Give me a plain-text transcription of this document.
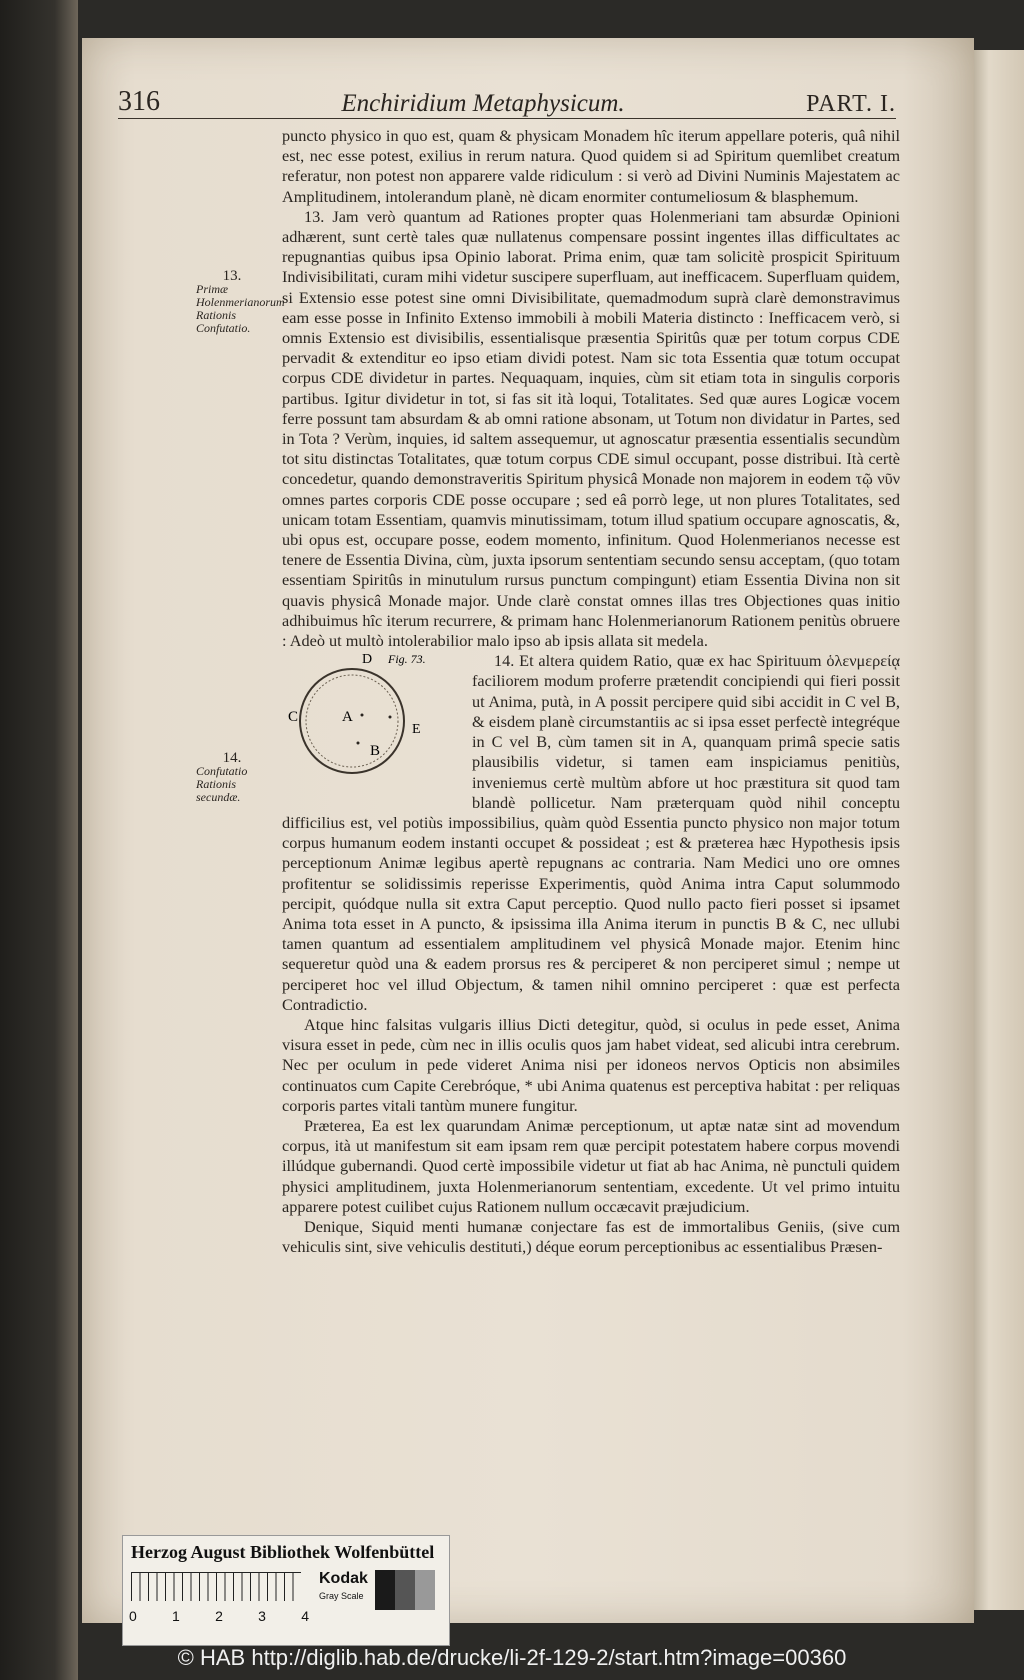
316	Enchiridium Metaphysicum.	PART. I.
13.
Primæ Holenmerianorum Rationis Confutatio.
14.
Confutatio Rationis secundæ.

puncto physico in quo est, quam & physicam Monadem hîc iterum appellare poteris, quâ nihil est, nec esse potest, exilius in rerum natura. Quod quidem si ad Spiritum quemlibet creatum referatur, non potest non apparere valde ridiculum : si verò ad Divini Numinis Majestatem ac Amplitudinem, intolerandum planè, nè dicam enormiter contumeliosum & blasphemum.

13. Jam verò quantum ad Rationes propter quas Holenmeriani tam absurdæ Opinioni adhærent, sunt certè tales quæ nullatenus compensare possint ingentes illas difficultates ac repugnantias quibus ipsa Opinio laborat. Prima enim, quæ tam solicitè prospicit Spirituum Indivisibilitati, curam mihi videtur suscipere superfluam, aut inefficacem. Superfluam quidem, si Extensio esse potest sine omni Divisibilitate, quemadmodum suprà clarè demonstravimus eam esse posse in Infinito Extenso immobili à mobili Materia distincto : Inefficacem verò, si omnis Extensio est divisibilis, essentialisque præsentia Spiritûs quæ per totum corpus CDE pervadit & extenditur eo ipso etiam dividi potest. Nam sic tota Essentia quæ totum occupat corpus CDE dividetur in partes. Nequaquam, inquies, cùm sit etiam tota in singulis corporis partibus. Igitur dividetur in tot, si fas sit ità loqui, Totalitates. Sed quæ aures Logicæ vocem ferre possunt tam absurdam & ab omni ratione absonam, ut Totum non dividatur in Partes, sed in Tota ? Verùm, inquies, id saltem assequemur, ut agnoscatur præsentia essentialis secundùm tot situ distinctas Totalitates, quæ totum corpus CDE simul occupant, posse distribui. Ità certè concedetur, quando demonstraveritis Spiritum physicâ Monade non majorem in eodem τῷ νῦν omnes partes corporis CDE posse occupare ; sed eâ porrò lege, ut non plures Totalitates, sed unicam totam Essentiam, quamvis minutissimam, totum illud spatium occupare agnoscatis, &, ubi opus est, occupare posse, eodem momento, infinitum. Quod Holenmerianos necesse est tenere de Essentia Divina, cùm, juxta ipsorum sententiam secundo sensu acceptam, (quo totam essentiam Spiritûs in minutulum rursus punctum compingunt) etiam Essentia Divina non sit quavis physicâ Monade major. Unde clarè constat omnes illas tres Objectiones quas initio adhibuimus hîc iterum recurrere, & primam hanc Holenmerianorum Rationem penitùs obruere : Adeò ut multò intolerabilior malo ipso ab ipsis allata sit medela.

D
A
B
C
E
Fig. 73.	14. Et altera quidem Ratio, quæ ex hac Spirituum ὁλενμερείᾳ faciliorem modum proferre prætendit concipiendi qui fieri possit ut Anima, putà, in A possit percipere quid sibi accidit in C vel B, & eisdem planè circumstantiis ac si ipsa esset perfectè integréque in C vel B, cùm tamen sit in A, quanquam primâ specie satis plausibilis videtur, si tamen eam inspiciamus penitiùs, inveniemus certè multùm abfore ut hoc præstitura sit quod tam blandè pollicetur. Nam præterquam quòd nihil conceptu difficilius est, vel potiùs impossibilius, quàm quòd Essentia puncto physico non major totum corpus humanum eodem instanti occupet & possideat ; est & præterea hæc Hypothesis ipsis perceptionum Animæ legibus apertè repugnans ac contraria. Nam Medici uno ore omnes profitentur se solidissimis reperisse Experimentis, quòd Anima intra Caput solummodo percipit, quódque nulla sit extra Caput perceptio. Quod nullo pacto fieri posset si ipsamet Anima tota esset in A puncto, & ipsissima illa Anima iterum in punctis B & C, nec ullubi tamen quantum ad essentialem amplitudinem vel physicâ Monade major. Etenim hinc sequeretur quòd una & eadem prorsus res & perciperet & non perciperet simul ; nempe ut perciperet hoc vel illud Objectum, & tamen nihil omnino perciperet : quæ est perfecta Contradictio.

Atque hinc falsitas vulgaris illius Dicti detegitur, quòd, si oculus in pede esset, Anima visura esset in pede, cùm nec in illis oculis quos jam habet videat, sed alicubi intra cerebrum. Nec per oculum in pede videret Anima nisi per idoneos nervos Opticis non absimiles continuatos cum Capite Cerebróque, * ubi Anima quatenus est perceptiva habitat : per reliquas corporis partes vitali tantùm munere fungitur.

Præterea, Ea est lex quarundam Animæ perceptionum, ut aptæ natæ sint ad movendum corpus, ità ut manifestum sit eam ipsam rem quæ percipit potestatem habere corpus movendi illúdque gubernandi. Quod certè impossibile videtur ut fiat ab hac Anima, nè punctuli quidem physici amplitudinem, juxta Holenmerianorum sententiam, excedente. Ut vel primo intuitu apparere potest cuilibet cujus Rationem nullum occæcavit præjudicium.

Denique, Siquid menti humanæ conjectare fas est de immortalibus Geniis, (sive cum vehiculis sint, sive vehiculis destituti,) déque eorum perceptionibus ac essentialibus Præsen-

Herzog August Bibliothek Wolfenbüttel
0	1	2	3	4
Kodak
Gray Scale
© HAB http://diglib.hab.de/drucke/li-2f-129-2/start.htm?image=00360
